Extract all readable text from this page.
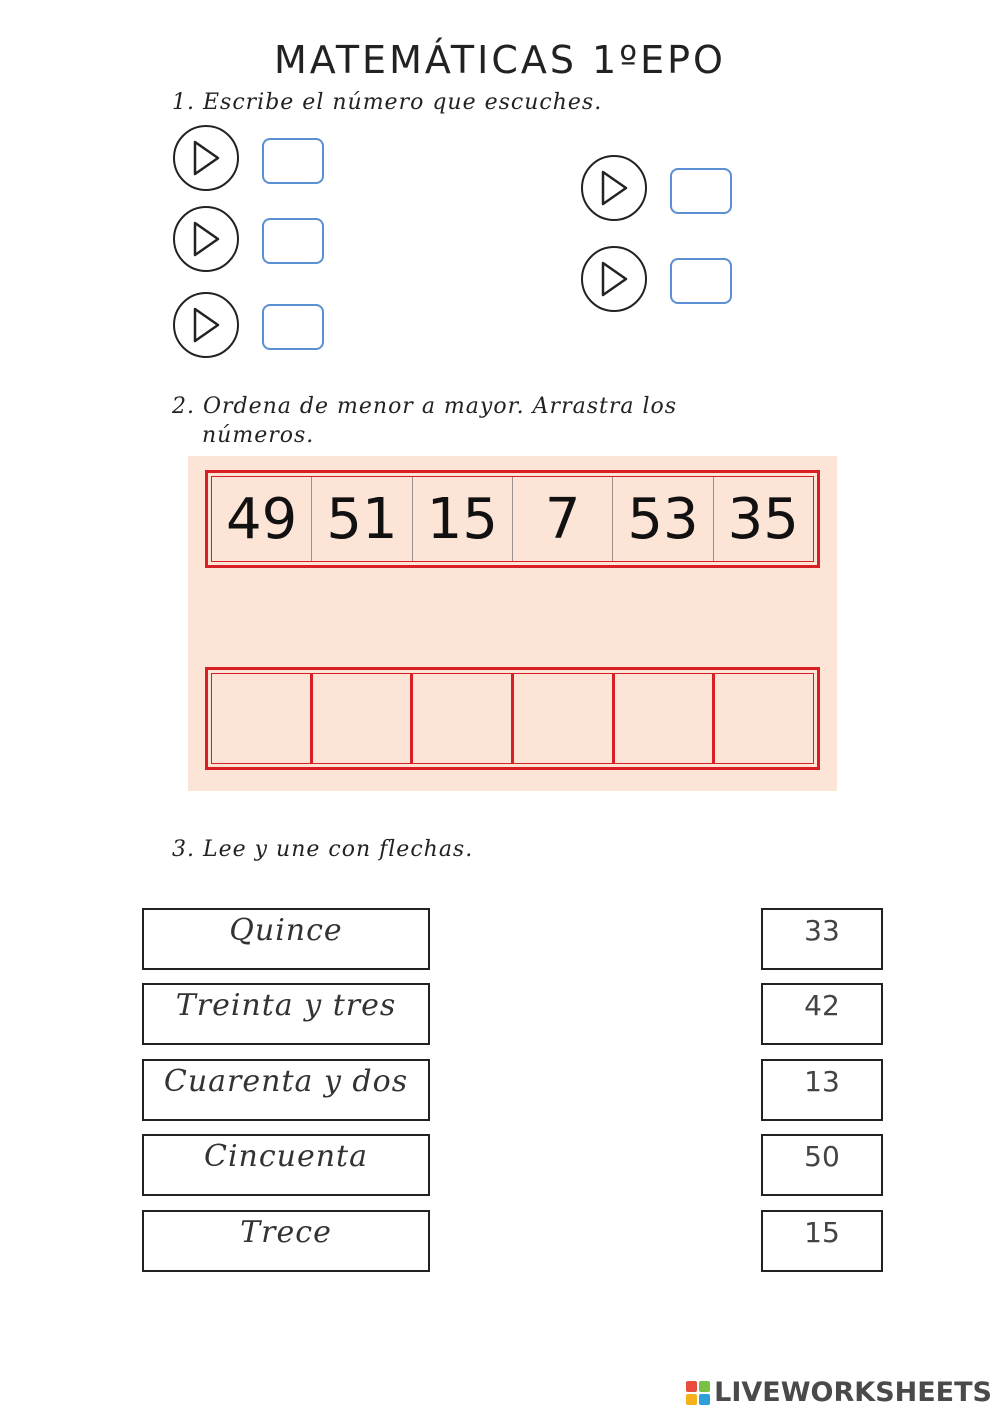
MATEMÁTICAS 1ºEPO
1. Escribe el número que escuches.
2. Ordena de menor a mayor. Arrastra los
números.
49 51 15 7 53 35
3. Lee y une con flechas.
Quince
Treinta y tres
Cuarenta y dos
Cincuenta
Trece
33
42
13
50
15
LIVEWORKSHEETS
